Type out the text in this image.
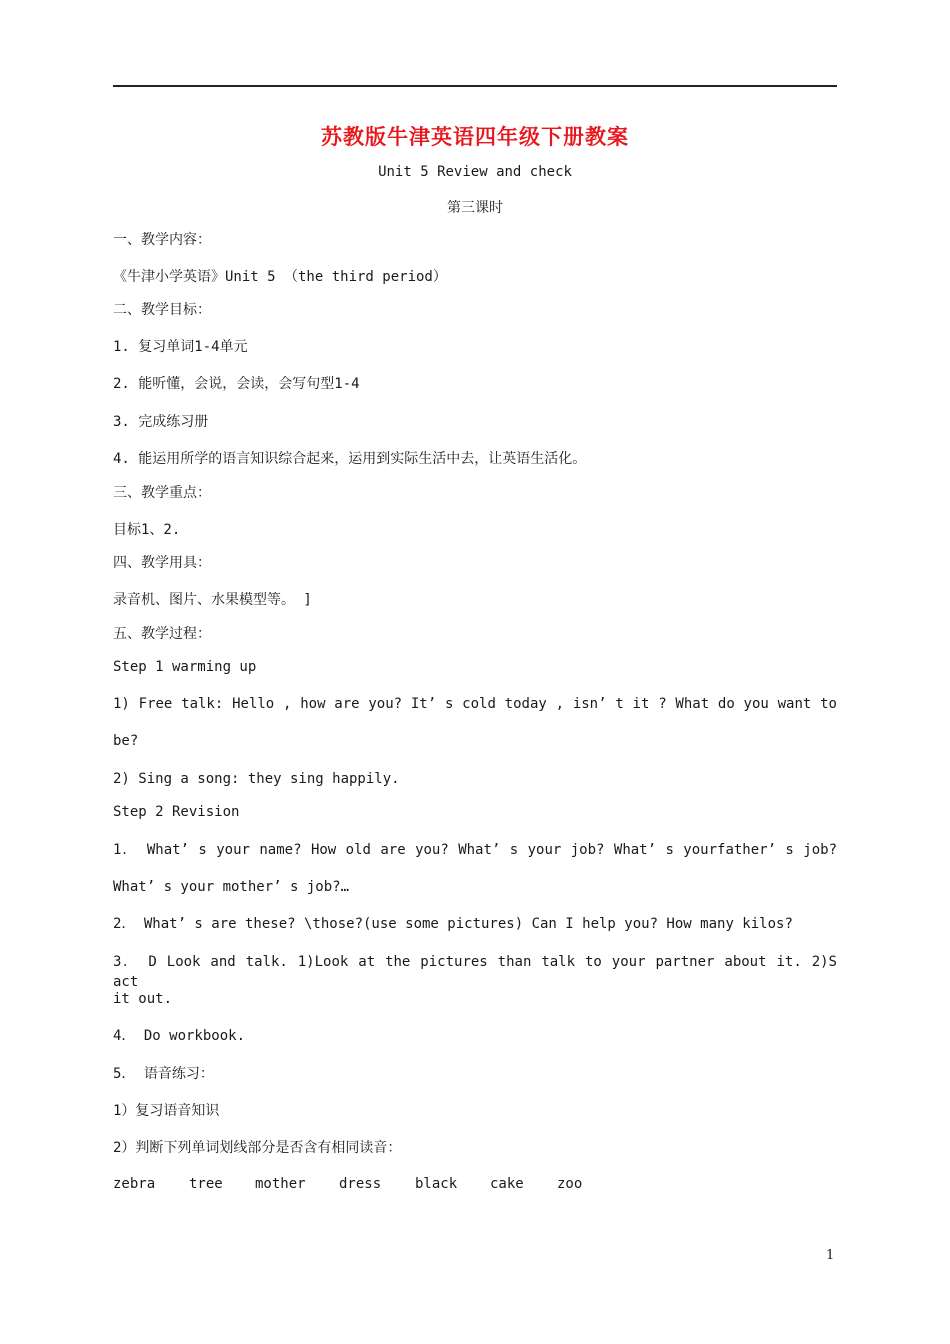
苏教版牛津英语四年级下册教案
Unit 5 Review and check
第三课时
一、教学内容：
《牛津小学英语》Unit 5 （the third period）
二、教学目标：
1. 复习单词1-4单元
2. 能听懂，会说，会读，会写句型1-4
3. 完成练习册
4. 能运用所学的语言知识综合起来，运用到实际生活中去，让英语生活化。
三、教学重点：
目标1、2.
四、教学用具：
录音机、图片、水果模型等。 ]
五、教学过程：
Step 1 warming up
1) Free talk: Hello , how are you? It’ s cold today , isn’ t it ? What do you want to
be?
2) Sing a song: they sing happily.
Step 2 Revision
1． What’ s your name? How old are you? What’ s your job? What’ s yourfather’ s job?
What’ s your mother’ s job?…
2． What’ s are these? \those?(use some pictures) Can I help you? How many kilos?
3． D Look and talk. 1)Look at the pictures than talk to your partner about it. 2)S act
it out.
4． Do workbook.
5． 语音练习：
1）复习语音知识
2）判断下列单词划线部分是否含有相同读音：
zebra tree mother dress black cake zoo
1
